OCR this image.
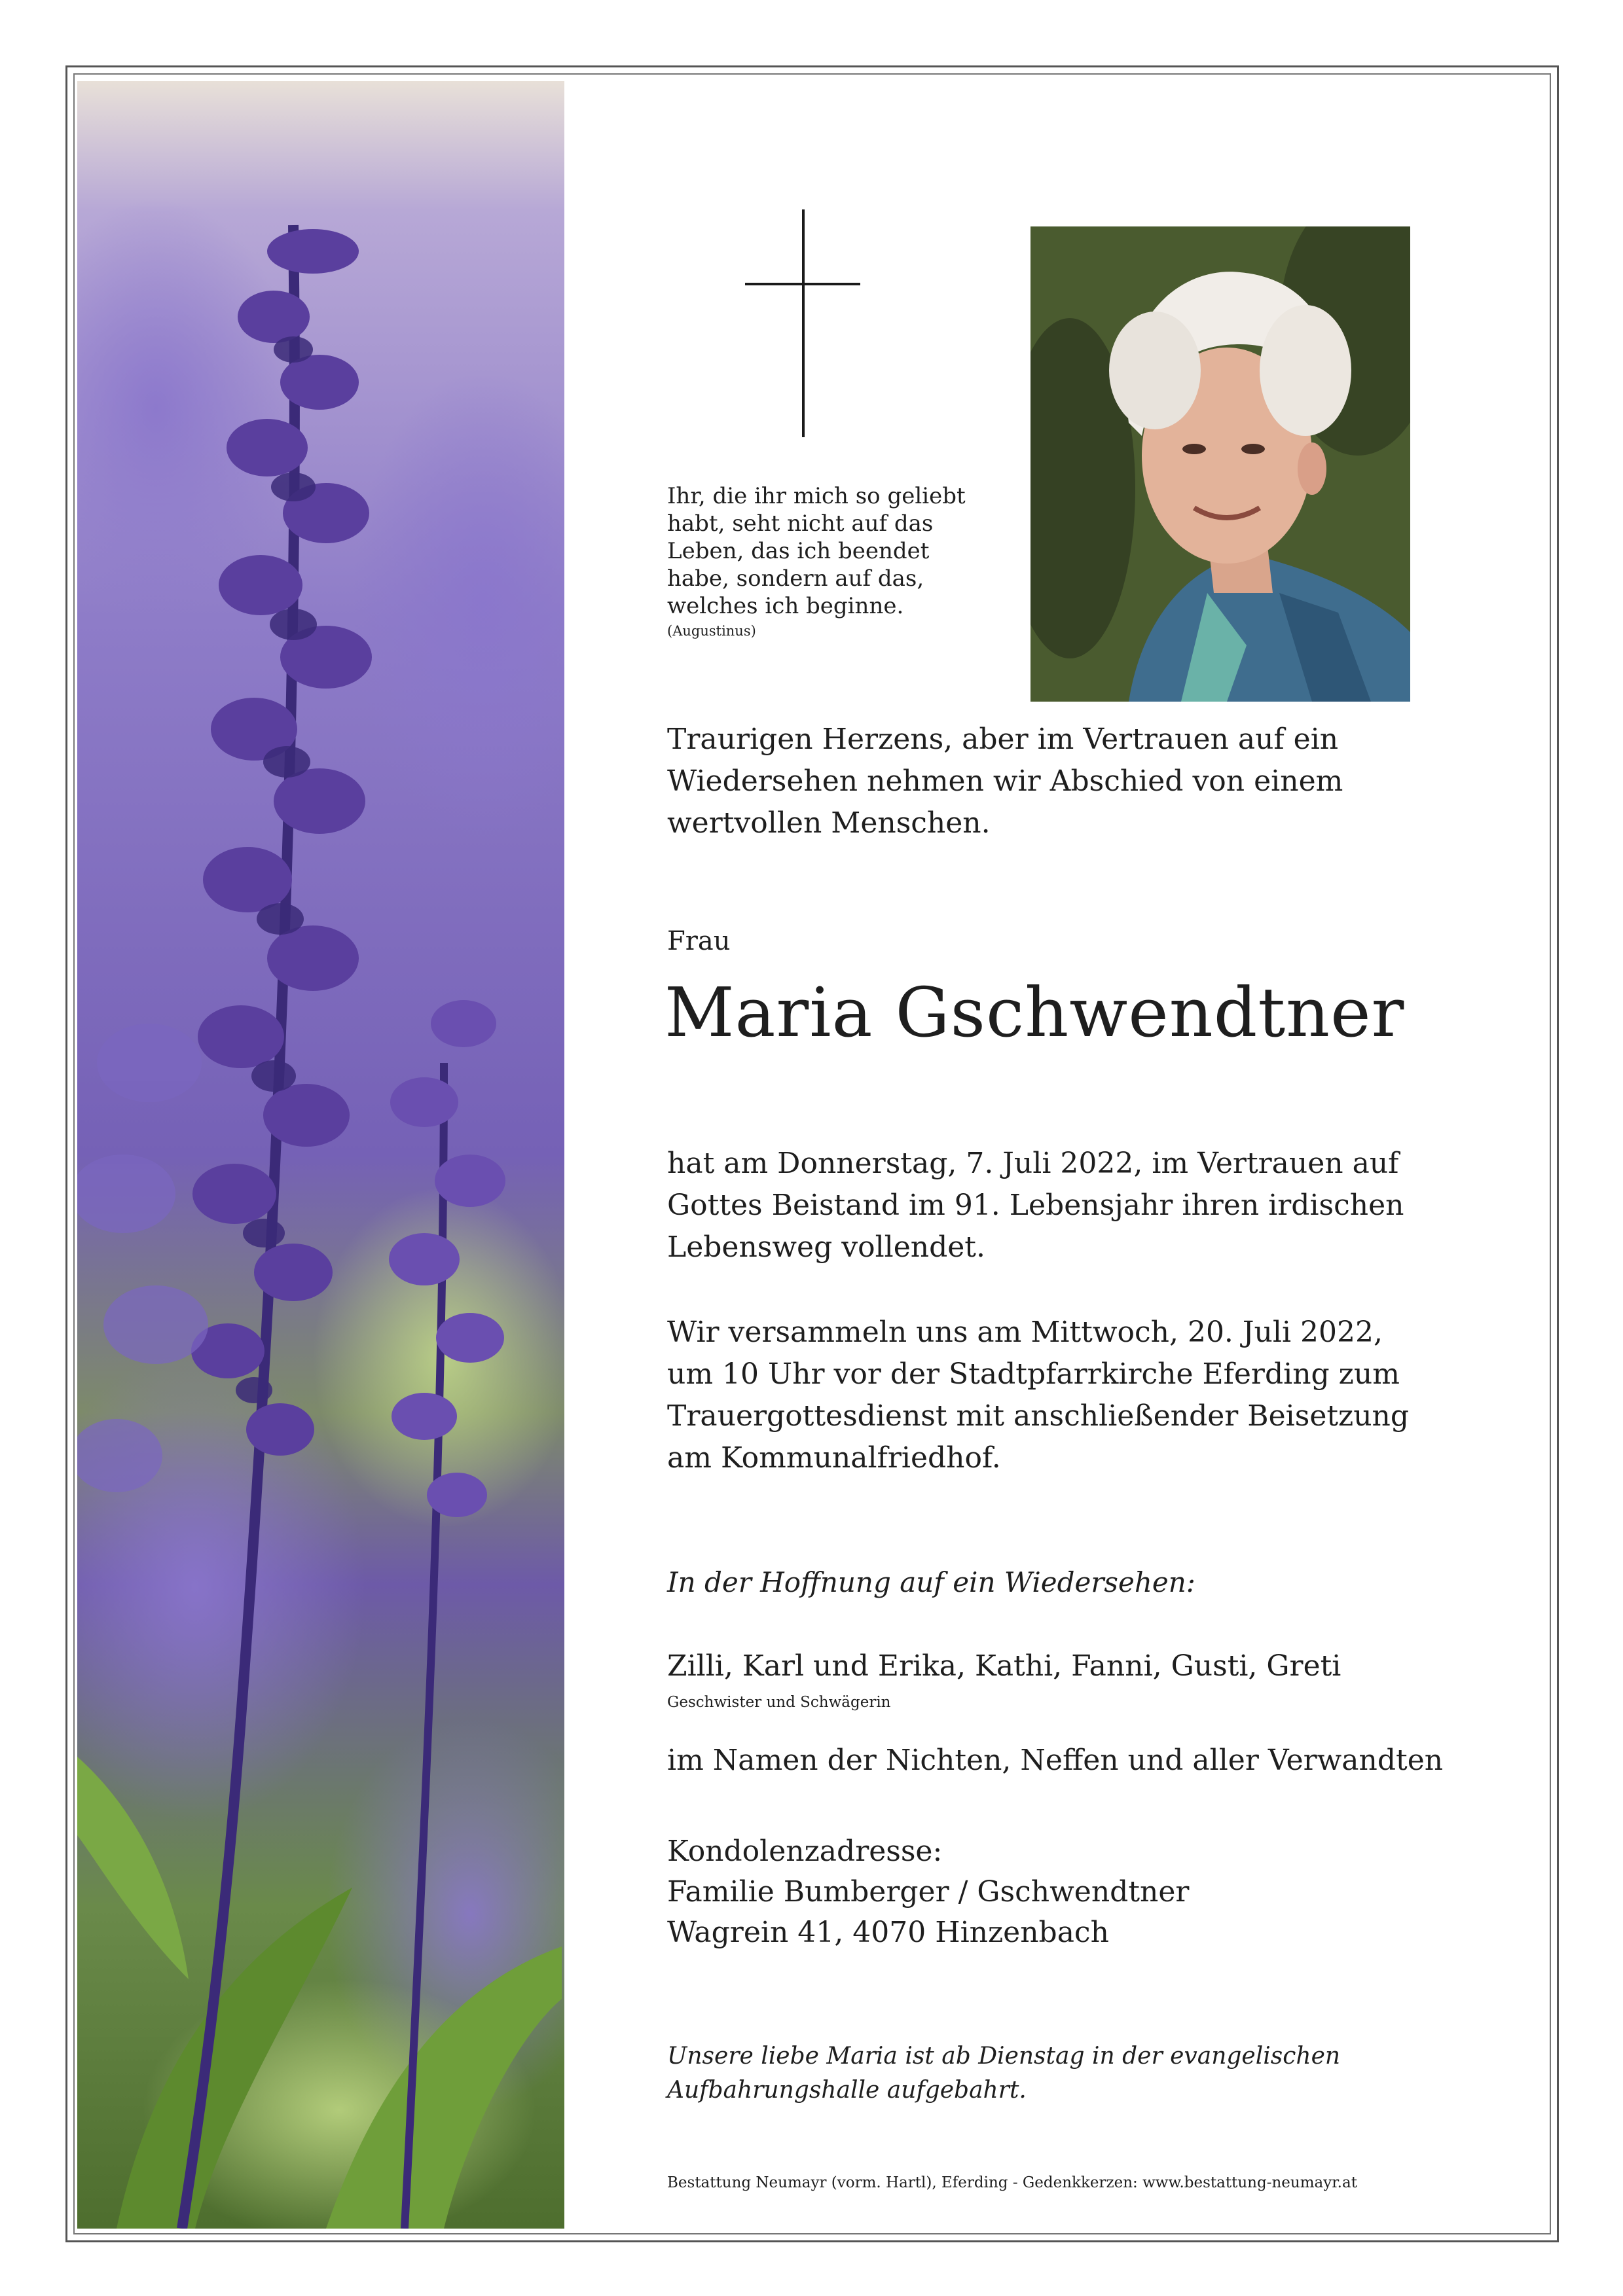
Ihr, die ihr mich so geliebt
habt, seht nicht auf das
Leben, das ich beendet
habe, sondern auf das,
welches ich beginne.
(Augustinus)
Traurigen Herzens, aber im Vertrauen auf ein
Wiedersehen nehmen wir Abschied von einem
wertvollen Menschen.
Frau
Maria Gschwendtner
hat am Donnerstag, 7. Juli 2022, im Vertrauen auf
Gottes Beistand im 91. Lebensjahr ihren irdischen
Lebensweg vollendet.
Wir versammeln uns am Mittwoch, 20. Juli 2022,
um 10 Uhr vor der Stadtpfarrkirche Eferding zum
Trauergottesdienst mit anschließender Beisetzung
am Kommunalfriedhof.
In der Hoffnung auf ein Wiedersehen:
Zilli, Karl und Erika, Kathi, Fanni, Gusti, Greti
Geschwister und Schwägerin
im Namen der Nichten, Neffen und aller Verwandten
Kondolenzadresse:
Familie Bumberger / Gschwendtner
Wagrein 41, 4070 Hinzenbach
Unsere liebe Maria ist ab Dienstag in der evangelischen
Aufbahrungshalle aufgebahrt.
Bestattung Neumayr (vorm. Hartl), Eferding - Gedenkkerzen: www.bestattung-neumayr.at
